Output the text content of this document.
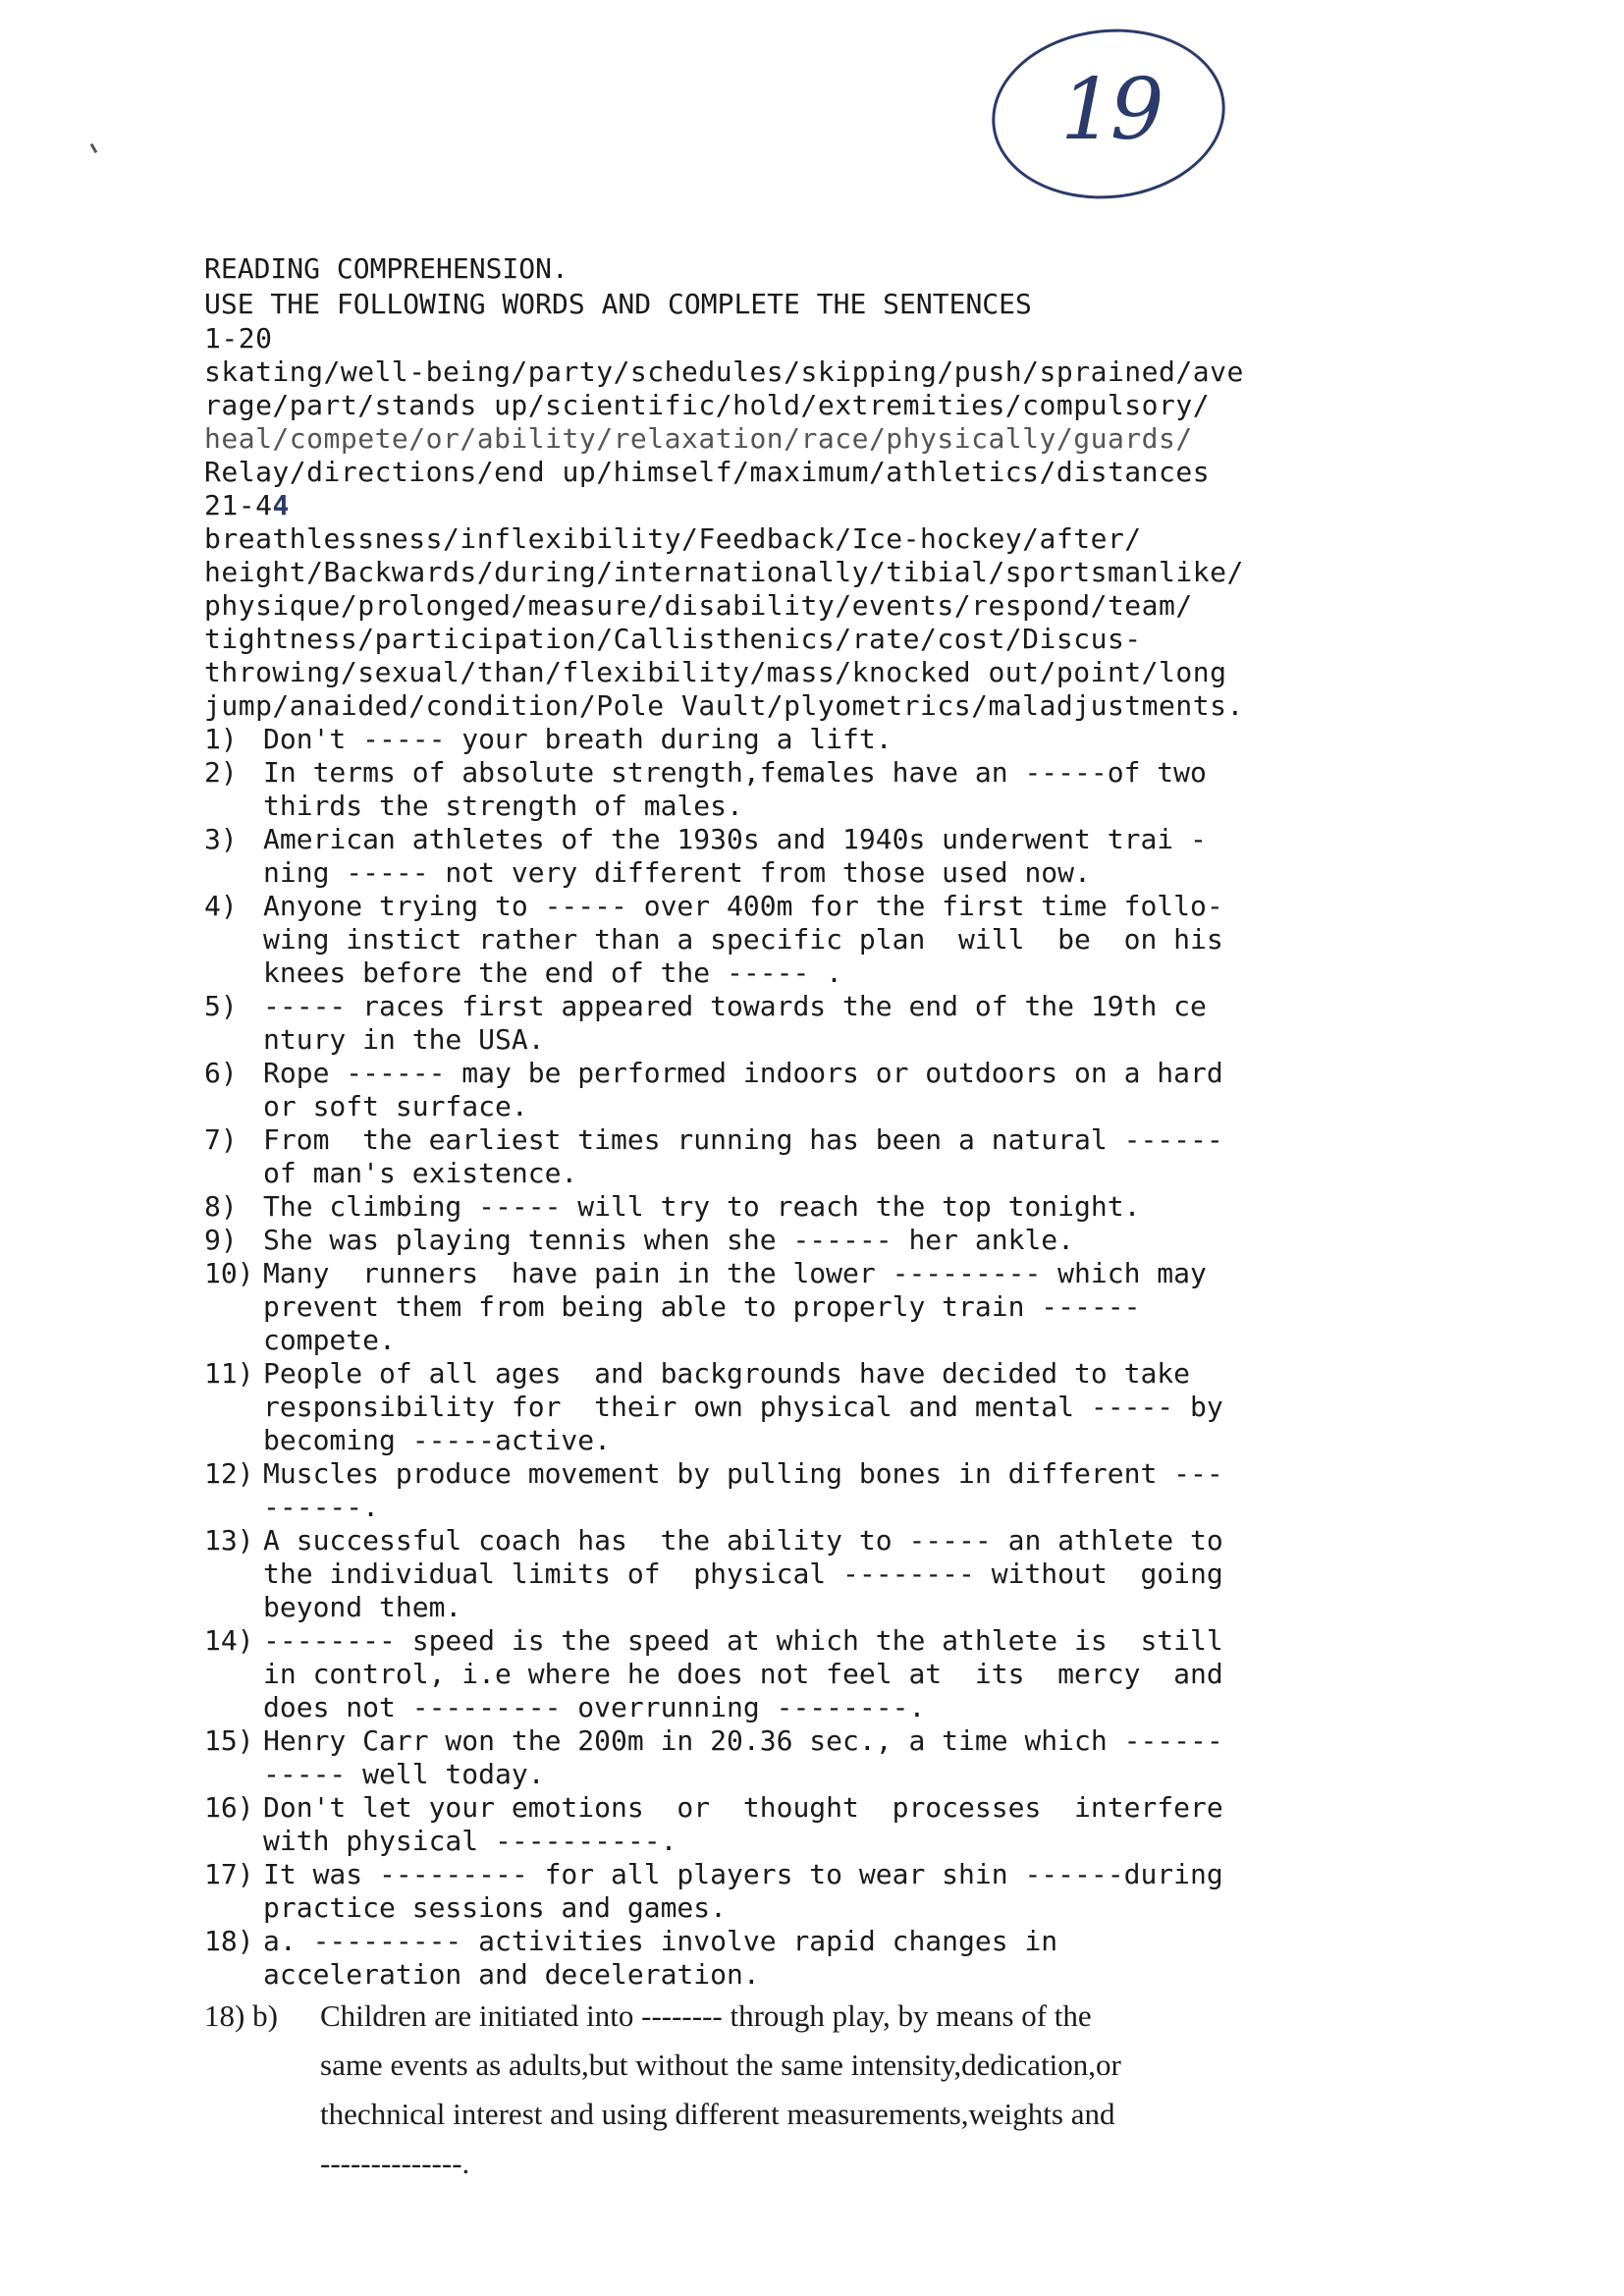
19
READING COMPREHENSION.
USE THE FOLLOWING WORDS AND COMPLETE THE SENTENCES
1-20
skating/well-being/party/schedules/skipping/push/sprained/ave
rage/part/stands up/scientific/hold/extremities/compulsory/
heal/compete/or/ability/relaxation/race/physically/guards/
Relay/directions/end up/himself/maximum/athletics/distances
21-44
breathlessness/inflexibility/Feedback/Ice-hockey/after/
height/Backwards/during/internationally/tibial/sportsmanlike/
physique/prolonged/measure/disability/events/respond/team/
tightness/participation/Callisthenics/rate/cost/Discus-
throwing/sexual/than/flexibility/mass/knocked out/point/long
jump/anaided/condition/Pole Vault/plyometrics/maladjustments.
1) Don't ----- your breath during a lift.
2) In terms of absolute strength,females have an -----of two
thirds the strength of males.
3) American athletes of the 1930s and 1940s underwent trai -
ning ----- not very different from those used now.
4) Anyone trying to ----- over 400m for the first time follo-
wing instict rather than a specific plan  will  be  on his
knees before the end of the ----- .
5) ----- races first appeared towards the end of the 19th ce
ntury in the USA.
6) Rope ------ may be performed indoors or outdoors on a hard
or soft surface.
7) From  the earliest times running has been a natural ------
of man's existence.
8) The climbing ----- will try to reach the top tonight.
9) She was playing tennis when she ------ her ankle.
10) Many  runners  have pain in the lower --------- which may
prevent them from being able to properly train ------
compete.
11) People of all ages  and backgrounds have decided to take
responsibility for  their own physical and mental ----- by
becoming -----active.
12) Muscles produce movement by pulling bones in different ---
------.
13) A successful coach has  the ability to ----- an athlete to
the individual limits of  physical -------- without  going
beyond them.
14) -------- speed is the speed at which the athlete is  still
in control, i.e where he does not feel at  its  mercy  and
does not --------- overrunning --------.
15) Henry Carr won the 200m in 20.36 sec., a time which ------
----- well today.
16) Don't let your emotions  or  thought  processes  interfere
with physical ----------.
17) It was --------- for all players to wear shin ------during
practice sessions and games.
18) a. --------- activities involve rapid changes in
acceleration and deceleration.
18) b)	Children are initiated into -------- through play, by means of the
same events as adults,but without the same intensity,dedication,or
thechnical interest and using different measurements,weights and
--------------.
